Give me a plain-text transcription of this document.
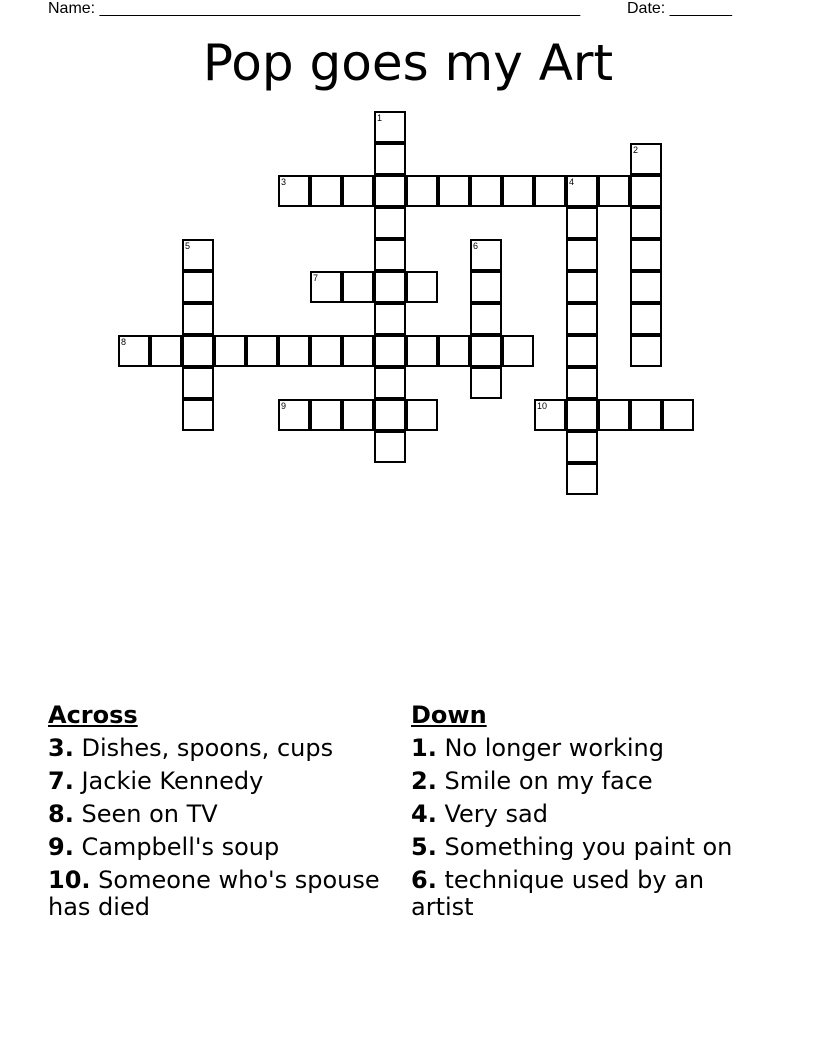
Name: ______________________________________________________	Date: _______
Pop goes my Art
1
2
3	4
5	6
7
8
9	10
Across
3. Dishes, spoons, cups
7. Jackie Kennedy
8. Seen on TV
9. Campbell's soup
10. Someone who's spouse has died
Down
1. No longer working
2. Smile on my face
4. Very sad
5. Something you paint on
6. technique used by an artist
